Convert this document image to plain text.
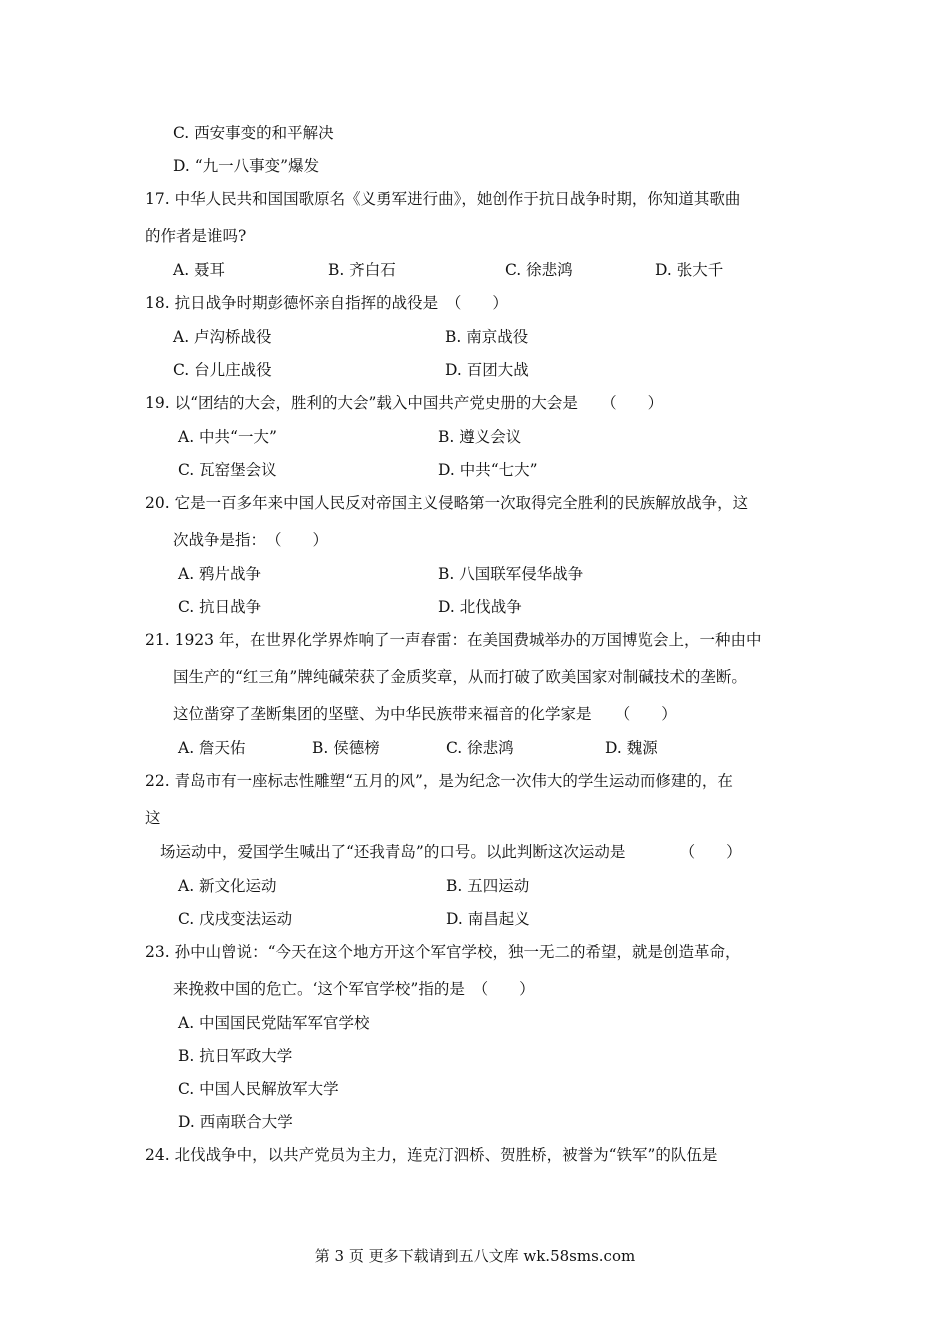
C. 西安事变的和平解决
D. “九一八事变”爆发
17. 中华人民共和国国歌原名《义勇军进行曲》，她创作于抗日战争时期，你知道其歌曲
的作者是谁吗?
A. 聂耳	B. 齐白石	C. 徐悲鸿	D. 张大千
18. 抗日战争时期彭德怀亲自指挥的战役是　（　　）
A. 卢沟桥战役	B. 南京战役
C. 台儿庄战役	D. 百团大战
19. 以“团结的大会，胜利的大会”载入中国共产党史册的大会是　　（　　）
A. 中共“一大”	B. 遵义会议
C. 瓦窑堡会议	D. 中共“七大”
20. 它是一百多年来中国人民反对帝国主义侵略第一次取得完全胜利的民族解放战争，这
次战争是指：　（　　）
A. 鸦片战争	B. 八国联军侵华战争
C. 抗日战争	D. 北伐战争
21. 1923 年，在世界化学界炸响了一声春雷：在美国费城举办的万国博览会上，一种由中
国生产的“红三角”牌纯碱荣获了金质奖章，从而打破了欧美国家对制碱技术的垄断。
这位凿穿了垄断集团的坚壁、为中华民族带来福音的化学家是　　（　　）
A. 詹天佑	B. 侯德榜	C. 徐悲鸿	D. 魏源
22. 青岛市有一座标志性雕塑“五月的风”，是为纪念一次伟大的学生运动而修建的，在
这
场运动中，爱国学生喊出了“还我青岛”的口号。以此判断这次运动是　　　　（　　）
A. 新文化运动	B. 五四运动
C. 戊戌变法运动	D. 南昌起义
23. 孙中山曾说：“今天在这个地方开这个军官学校，独一无二的希望，就是创造革命，
来挽救中国的危亡。‘这个军官学校”指的是　（　　）
A. 中国国民党陆军军官学校
B. 抗日军政大学
C. 中国人民解放军大学
D. 西南联合大学
24. 北伐战争中，以共产党员为主力，连克汀泗桥、贺胜桥，被誉为“铁军”的队伍是
第 3 页 更多下载请到五八文库 wk.58sms.com
